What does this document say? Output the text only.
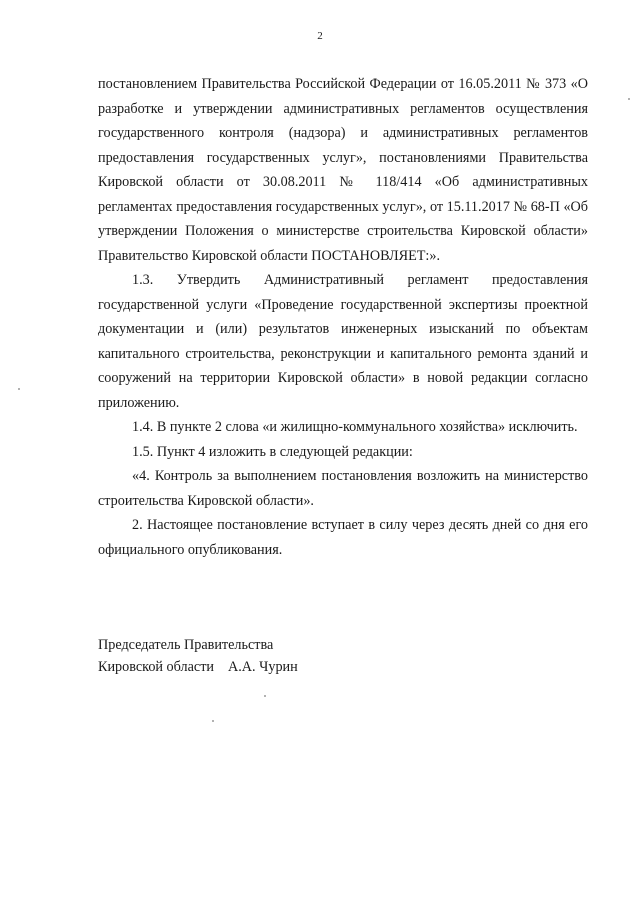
2

постановлением Правительства Российской Федерации от 16.05.2011 № 373 «О разработке и утверждении административных регламентов осуществления государственного контроля (надзора) и административных регламентов предоставления государственных услуг», постановлениями Правительства Кировской области от 30.08.2011 № 118/414 «Об административных регламентах предоставления государственных услуг», от 15.11.2017 № 68-П «Об утверждении Положения о министерстве строительства Кировской области» Правительство Кировской области ПОСТАНОВЛЯЕТ:».

1.3. Утвердить Административный регламент предоставления государственной услуги «Проведение государственной экспертизы проектной документации и (или) результатов инженерных изысканий по объектам капитального строительства, реконструкции и капитального ремонта зданий и сооружений на территории Кировской области» в новой редакции согласно приложению.

1.4. В пункте 2 слова «и жилищно-коммунального хозяйства» исключить.

1.5. Пункт 4 изложить в следующей редакции:

«4. Контроль за выполнением постановления возложить на министерство строительства Кировской области».

2. Настоящее постановление вступает в силу через десять дней со дня его официального опубликования.

Председатель Правительства
Кировской области А.А. Чурин
